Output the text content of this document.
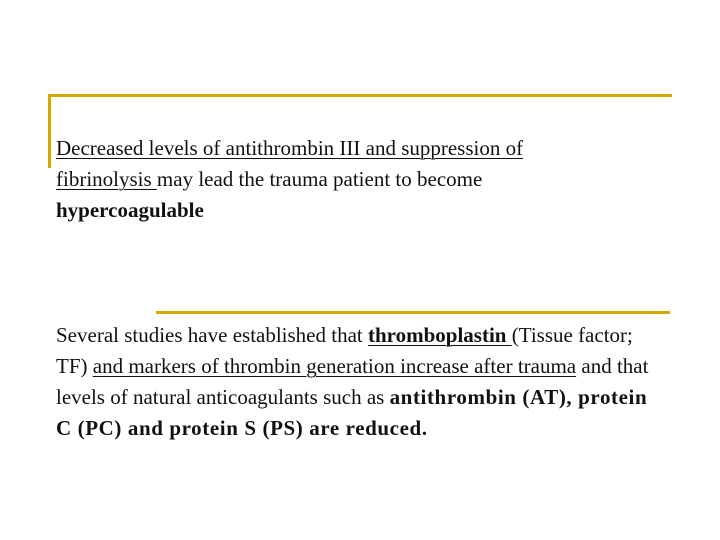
Decreased levels of antithrombin III and suppression of fibrinolysis may lead the trauma patient to become hypercoagulable
Several studies have established that thromboplastin (Tissue factor; TF) and markers of thrombin generation increase after trauma and that levels of natural anticoagulants such as antithrombin (AT), protein C (PC) and protein S (PS) are reduced.
